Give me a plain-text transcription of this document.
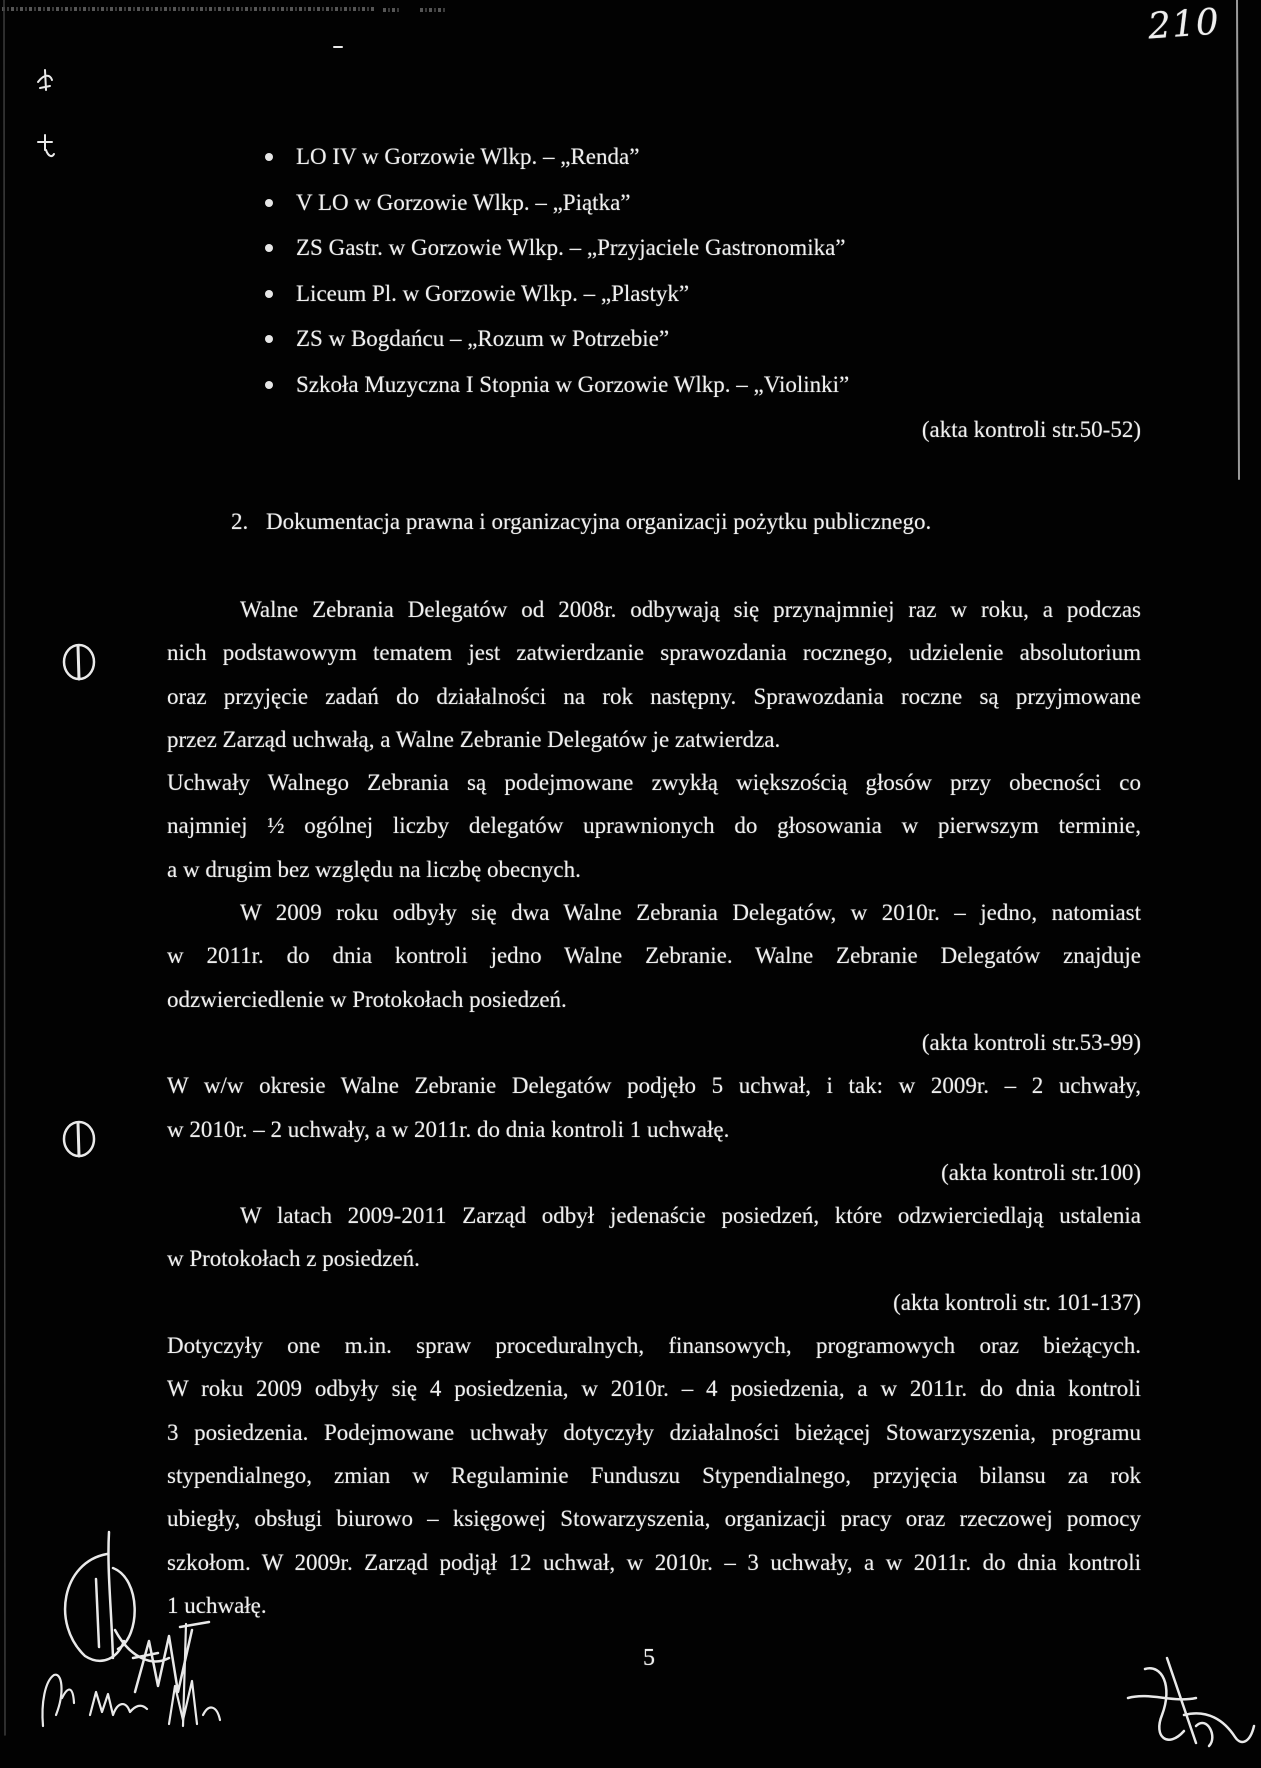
210
LO IV w Gorzowie Wlkp. – „Renda”
V LO w Gorzowie Wlkp. – „Piątka”
ZS Gastr. w Gorzowie Wlkp. – „Przyjaciele Gastronomika”
Liceum Pl. w Gorzowie Wlkp. – „Plastyk”
ZS w Bogdańcu – „Rozum w Potrzebie”
Szkoła Muzyczna I Stopnia w Gorzowie Wlkp. – „Violinki”
(akta kontroli str.50-52)
2. Dokumentacja prawna i organizacyjna organizacji pożytku publicznego.
Walne Zebrania Delegatów od 2008r. odbywają się przynajmniej raz w roku, a podczas
nich podstawowym tematem jest zatwierdzanie sprawozdania rocznego, udzielenie absolutorium
oraz przyjęcie zadań do działalności na rok następny. Sprawozdania roczne są przyjmowane
przez Zarząd uchwałą, a Walne Zebranie Delegatów je zatwierdza.
Uchwały Walnego Zebrania są podejmowane zwykłą większością głosów przy obecności co
najmniej ½ ogólnej liczby delegatów uprawnionych do głosowania w pierwszym terminie,
a w drugim bez względu na liczbę obecnych.
W 2009 roku odbyły się dwa Walne Zebrania Delegatów, w 2010r. – jedno, natomiast
w 2011r. do dnia kontroli jedno Walne Zebranie. Walne Zebranie Delegatów znajduje
odzwierciedlenie w Protokołach posiedzeń.
(akta kontroli str.53-99)
W w/w okresie Walne Zebranie Delegatów podjęło 5 uchwał, i tak: w 2009r. – 2 uchwały,
w 2010r. – 2 uchwały, a w 2011r. do dnia kontroli 1 uchwałę.
(akta kontroli str.100)
W latach 2009-2011 Zarząd odbył jedenaście posiedzeń, które odzwierciedlają ustalenia
w Protokołach z posiedzeń.
(akta kontroli str. 101-137)
Dotyczyły one m.in. spraw proceduralnych, finansowych, programowych oraz bieżących.
W roku 2009 odbyły się 4 posiedzenia, w 2010r. – 4 posiedzenia, a w 2011r. do dnia kontroli
3 posiedzenia. Podejmowane uchwały dotyczyły działalności bieżącej Stowarzyszenia, programu
stypendialnego, zmian w Regulaminie Funduszu Stypendialnego, przyjęcia bilansu za rok
ubiegły, obsługi biurowo – księgowej Stowarzyszenia, organizacji pracy oraz rzeczowej pomocy
szkołom. W 2009r. Zarząd podjął 12 uchwał, w 2010r. – 3 uchwały, a w 2011r. do dnia kontroli
1 uchwałę.
5
